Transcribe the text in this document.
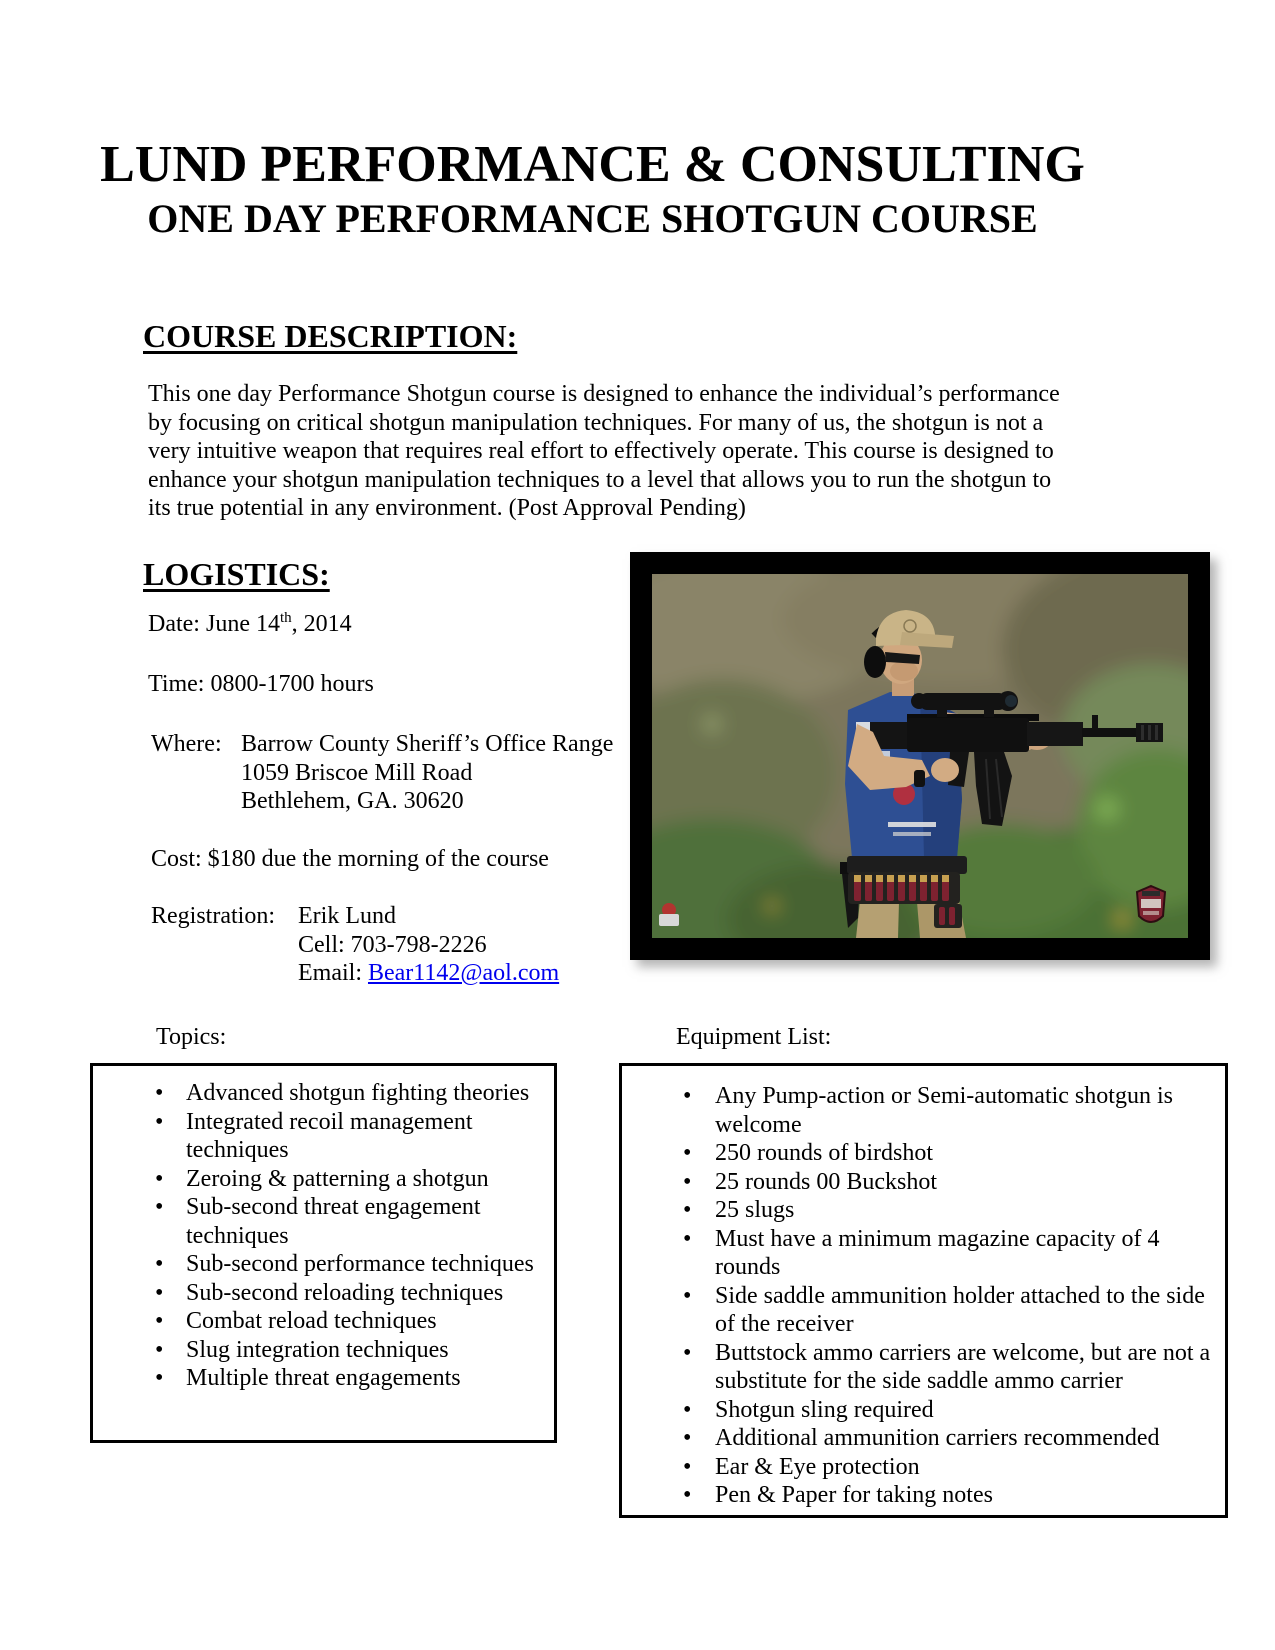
LUND PERFORMANCE & CONSULTING
ONE DAY PERFORMANCE SHOTGUN COURSE
COURSE DESCRIPTION:
This one day Performance Shotgun course is designed to enhance the individual’s performance by focusing on critical shotgun manipulation techniques. For many of us, the shotgun is not a very intuitive weapon that requires real effort to effectively operate. This course is designed to enhance your shotgun manipulation techniques to a level that allows you to run the shotgun to its true potential in any environment. (Post Approval Pending)
LOGISTICS:
Date: June 14th, 2014
Time: 0800-1700 hours
Where: Barrow County Sheriff’s Office Range
1059 Briscoe Mill Road
Bethlehem, GA. 30620
Cost: $180 due the morning of the course
Registration: Erik Lund
Cell: 703-798-2226
Email: Bear1142@aol.com
Topics:
• Advanced shotgun fighting theories
• Integrated recoil management techniques
• Zeroing & patterning a shotgun
• Sub-second threat engagement techniques
• Sub-second performance techniques
• Sub-second reloading techniques
• Combat reload techniques
• Slug integration techniques
• Multiple threat engagements
Equipment List:
• Any Pump-action or Semi-automatic shotgun is welcome
• 250 rounds of birdshot
• 25 rounds 00 Buckshot
• 25 slugs
• Must have a minimum magazine capacity of 4 rounds
• Side saddle ammunition holder attached to the side of the receiver
• Buttstock ammo carriers are welcome, but are not a substitute for the side saddle ammo carrier
• Shotgun sling required
• Additional ammunition carriers recommended
• Ear & Eye protection
• Pen & Paper for taking notes
